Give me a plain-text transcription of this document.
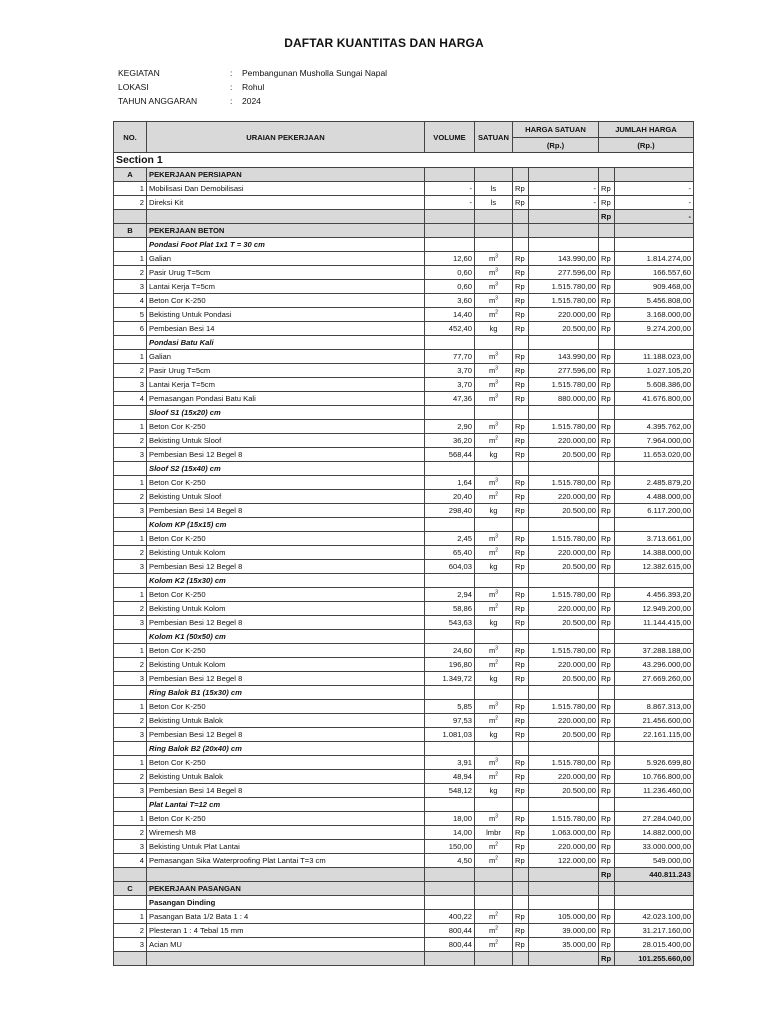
DAFTAR KUANTITAS DAN HARGA
KEGIATAN	:	Pembangunan Musholla Sungai Napal
LOKASI	:	Rohul
TAHUN ANGGARAN	:	2024
NO.	URAIAN PEKERJAAN	VOLUME	SATUAN	HARGA SATUAN		JUMLAH HARGA	
				(Rp.)		(Rp.)	
Section 1							
A	PEKERJAAN PERSIAPAN						
1	Mobilisasi Dan Demobilisasi	-	ls	Rp	-	Rp	-
2	Direksi Kit	-	ls	Rp	-	Rp	-
						Rp	-
B	PEKERJAAN BETON						
	Pondasi Foot Plat 1x1 T = 30 cm						
1	Galian	12,60	$m^3$	Rp	143.990,00	Rp	1.814.274,00
2	Pasir Urug T=5cm	0,60	$m^3$	Rp	277.596,00	Rp	166.557,60
3	Lantai Kerja T=5cm	0,60	$m^3$	Rp	1.515.780,00	Rp	909.468,00
4	Beton Cor K-250	3,60	$m^3$	Rp	1.515.780,00	Rp	5.456.808,00
5	Bekisting Untuk Pondasi	14,40	$m^2$	Rp	220.000,00	Rp	3.168.000,00
6	Pembesian Besi 14	452,40	kg	Rp	20.500,00	Rp	9.274.200,00
	Pondasi Batu Kali						
1	Galian	77,70	$m^3$	Rp	143.990,00	Rp	11.188.023,00
2	Pasir Urug T=5cm	3,70	$m^3$	Rp	277.596,00	Rp	1.027.105,20
3	Lantai Kerja T=5cm	3,70	$m^3$	Rp	1.515.780,00	Rp	5.608.386,00
4	Pemasangan Pondasi Batu Kali	47,36	$m^3$	Rp	880.000,00	Rp	41.676.800,00
	Sloof S1 (15x20) cm						
1	Beton Cor K-250	2,90	$m^3$	Rp	1.515.780,00	Rp	4.395.762,00
2	Bekisting Untuk Sloof	36,20	$m^2$	Rp	220.000,00	Rp	7.964.000,00
3	Pembesian Besi 12 Begel 8	568,44	kg	Rp	20.500,00	Rp	11.653.020,00
	Sloof S2 (15x40) cm						
1	Beton Cor K-250	1,64	$m^3$	Rp	1.515.780,00	Rp	2.485.879,20
2	Bekisting Untuk Sloof	20,40	$m^2$	Rp	220.000,00	Rp	4.488.000,00
3	Pembesian Besi 14 Begel 8	298,40	kg	Rp	20.500,00	Rp	6.117.200,00
	Kolom KP (15x15) cm						
1	Beton Cor K-250	2,45	$m^3$	Rp	1.515.780,00	Rp	3.713.661,00
2	Bekisting Untuk Kolom	65,40	$m^2$	Rp	220.000,00	Rp	14.388.000,00
3	Pembesian Besi 12 Begel 8	604,03	kg	Rp	20.500,00	Rp	12.382.615,00
	Kolom K2 (15x30) cm						
1	Beton Cor K-250	2,94	$m^3$	Rp	1.515.780,00	Rp	4.456.393,20
2	Bekisting Untuk Kolom	58,86	$m^2$	Rp	220.000,00	Rp	12.949.200,00
3	Pembesian Besi 12 Begel 8	543,63	kg	Rp	20.500,00	Rp	11.144.415,00
	Kolom K1 (50x50) cm						
1	Beton Cor K-250	24,60	$m^3$	Rp	1.515.780,00	Rp	37.288.188,00
2	Bekisting Untuk Kolom	196,80	$m^2$	Rp	220.000,00	Rp	43.296.000,00
3	Pembesian Besi 12 Begel 8	1.349,72	kg	Rp	20.500,00	Rp	27.669.260,00
	Ring Balok B1 (15x30) cm						
1	Beton Cor K-250	5,85	$m^3$	Rp	1.515.780,00	Rp	8.867.313,00
2	Bekisting Untuk Balok	97,53	$m^2$	Rp	220.000,00	Rp	21.456.600,00
3	Pembesian Besi 12 Begel 8	1.081,03	kg	Rp	20.500,00	Rp	22.161.115,00
	Ring Balok B2 (20x40) cm						
1	Beton Cor K-250	3,91	$m^3$	Rp	1.515.780,00	Rp	5.926.699,80
2	Bekisting Untuk Balok	48,94	$m^2$	Rp	220.000,00	Rp	10.766.800,00
3	Pembesian Besi 14 Begel 8	548,12	kg	Rp	20.500,00	Rp	11.236.460,00
	Plat Lantai T=12 cm						
1	Beton Cor K-250	18,00	$m^3$	Rp	1.515.780,00	Rp	27.284.040,00
2	Wiremesh M8	14,00	lmbr	Rp	1.063.000,00	Rp	14.882.000,00
3	Bekisting Untuk Plat Lantai	150,00	$m^2$	Rp	220.000,00	Rp	33.000.000,00
4	Pemasangan Sika Waterproofing Plat Lantai T=3 cm	4,50	$m^2$	Rp	122.000,00	Rp	549.000,00
						Rp	440.811.243
C	PEKERJAAN PASANGAN						
	Pasangan Dinding						
1	Pasangan Bata 1/2 Bata 1 : 4	400,22	$m^2$	Rp	105.000,00	Rp	42.023.100,00
2	Plesteran 1 : 4 Tebal 15 mm	800,44	$m^2$	Rp	39.000,00	Rp	31.217.160,00
3	Acian MU	800,44	$m^2$	Rp	35.000,00	Rp	28.015.400,00
						Rp	101.255.660,00
